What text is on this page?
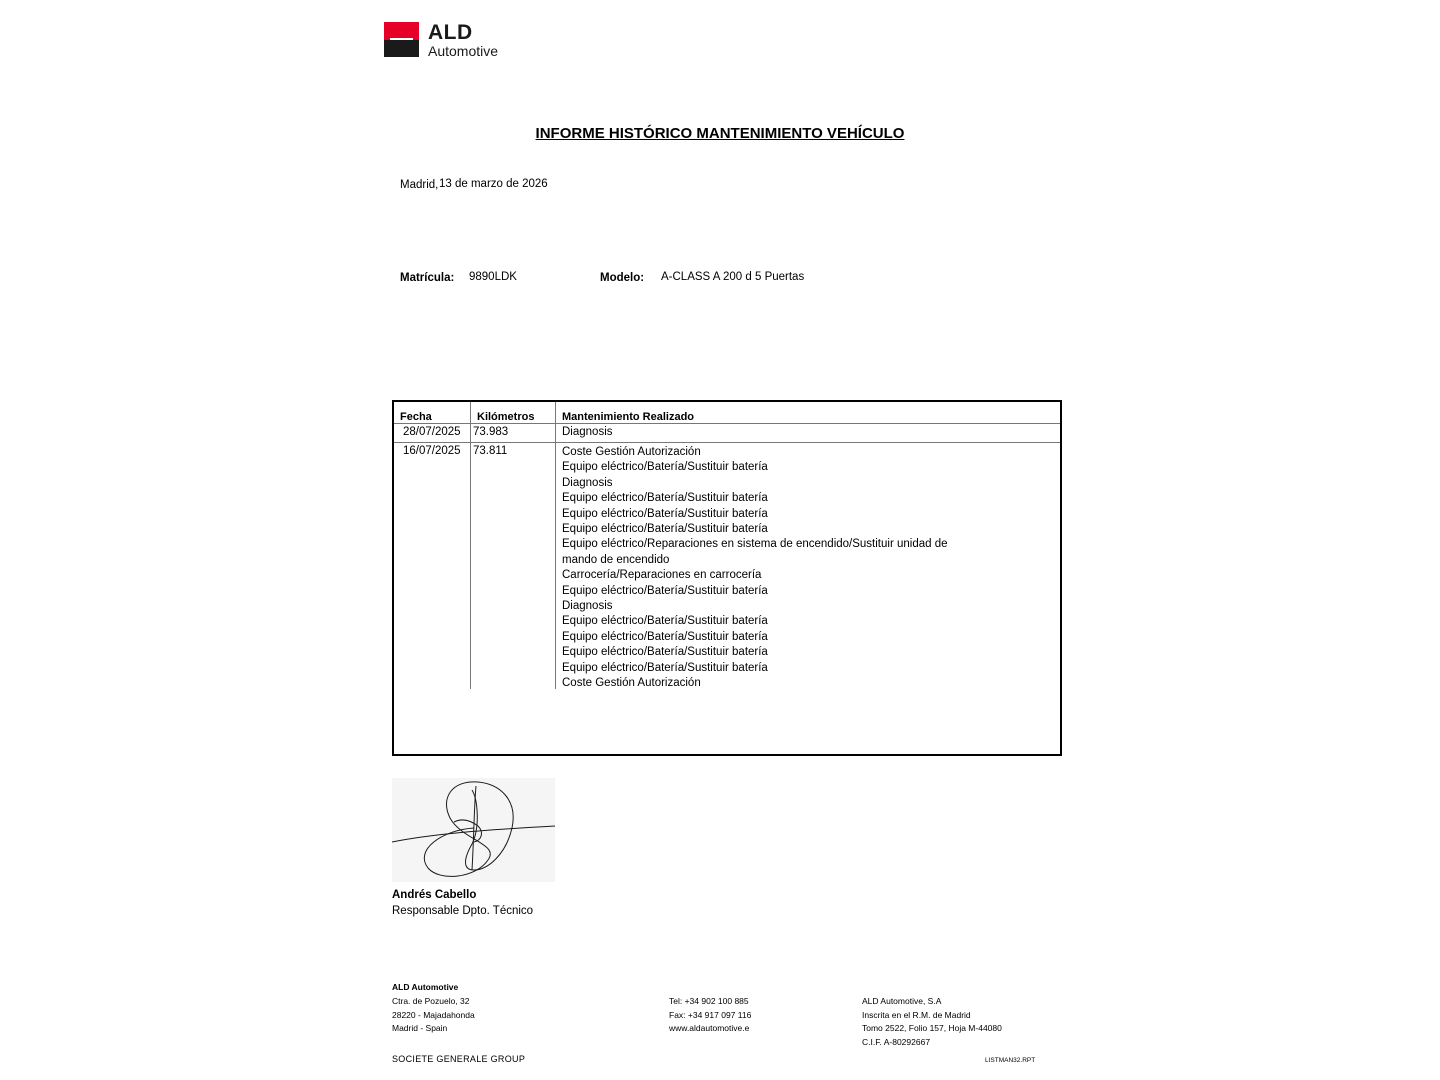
ALD
Automotive
INFORME HISTÓRICO MANTENIMIENTO VEHÍCULO
Madrid, 13 de marzo de 2026
Matrícula: 9890LDK	Modelo: A-CLASS A 200 d 5 Puertas
Fecha	Kilómetros	Mantenimiento Realizado
28/07/2025 73.983	Diagnosis
16/07/2025 73.811	Coste Gestión Autorización
Equipo eléctrico/Batería/Sustituir batería
Diagnosis
Equipo eléctrico/Batería/Sustituir batería
Equipo eléctrico/Batería/Sustituir batería
Equipo eléctrico/Batería/Sustituir batería
Equipo eléctrico/Reparaciones en sistema de encendido/Sustituir unidad de
mando de encendido
Carrocería/Reparaciones en carrocería
Equipo eléctrico/Batería/Sustituir batería
Diagnosis
Equipo eléctrico/Batería/Sustituir batería
Equipo eléctrico/Batería/Sustituir batería
Equipo eléctrico/Batería/Sustituir batería
Equipo eléctrico/Batería/Sustituir batería
Coste Gestión Autorización
Andrés Cabello
Responsable Dpto. Técnico
ALD Automotive
Ctra. de Pozuelo, 32
28220 - Majadahonda
Madrid - Spain
Tel: +34 902 100 885
Fax: +34 917 097 116
www.aldautomotive.e
ALD Automotive, S.A
Inscrita en el R.M. de Madrid
Tomo 2522, Folio 157, Hoja M-44080
C.I.F. A-80292667
SOCIETE GENERALE GROUP	LISTMAN32.RPT
